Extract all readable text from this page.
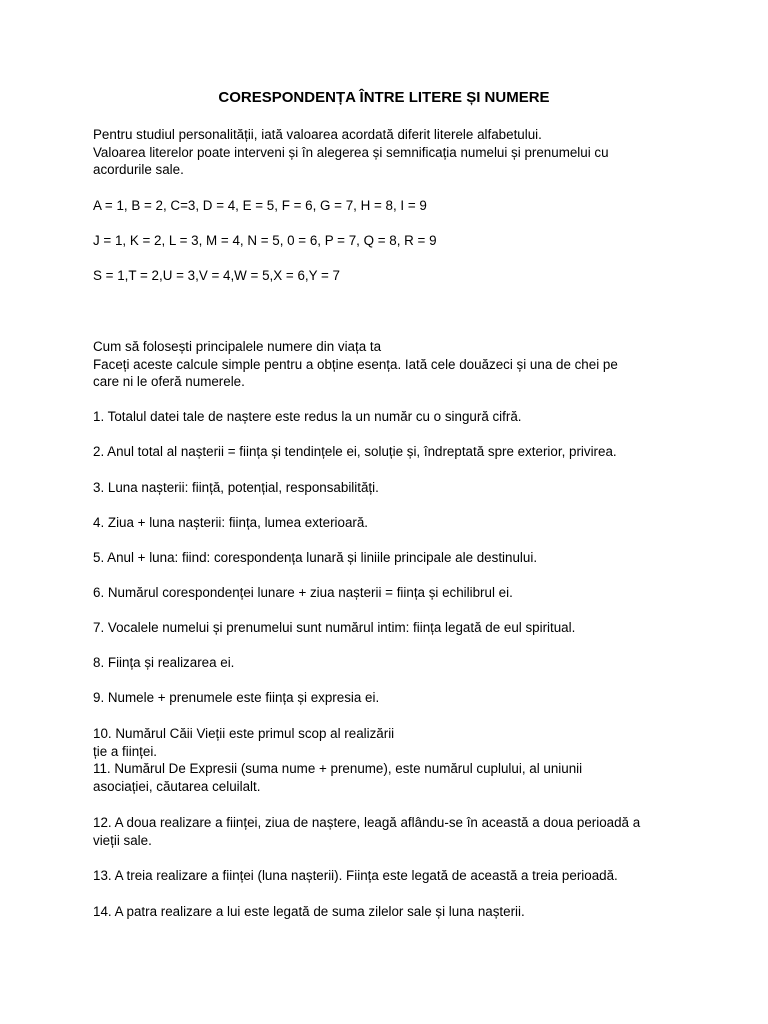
CORESPONDENȚA ÎNTRE LITERE ȘI NUMERE

Pentru studiul personalității, iată valoarea acordată diferit literele alfabetului.
Valoarea literelor poate interveni și în alegerea și semnificația numelui și prenumelui cu
acordurile sale.

A = 1, B = 2, C=3, D = 4, E = 5, F = 6, G = 7, H = 8, I = 9

J = 1, K = 2, L = 3, M = 4, N = 5, 0 = 6, P = 7, Q = 8, R = 9

S = 1,T = 2,U = 3,V = 4,W = 5,X = 6,Y = 7

Cum să folosești principalele numere din viața ta
Faceți aceste calcule simple pentru a obține esența. Iată cele douăzeci și una de chei pe
care ni le oferă numerele.

1. Totalul datei tale de naștere este redus la un număr cu o singură cifră.

2. Anul total al nașterii = ființa și tendințele ei, soluție și, îndreptată spre exterior, privirea.

3. Luna nașterii: ființă, potențial, responsabilități.

4. Ziua + luna nașterii: ființa, lumea exterioară.

5. Anul + luna: fiind: corespondența lunară și liniile principale ale destinului.

6. Numărul corespondenței lunare + ziua nașterii = ființa și echilibrul ei.

7. Vocalele numelui și prenumelui sunt numărul intim: ființa legată de eul spiritual.

8. Ființa și realizarea ei.

9. Numele + prenumele este ființa și expresia ei.

10. Numărul Căii Vieții este primul scop al realizării
ție a ființei.
11. Numărul De Expresii (suma nume + prenume), este numărul cuplului, al uniunii
asociației, căutarea celuilalt.

12. A doua realizare a ființei, ziua de naștere, leagă aflându-se în această a doua perioadă a
vieții sale.

13. A treia realizare a ființei (luna nașterii). Ființa este legată de această a treia perioadă.

14. A patra realizare a lui este legată de suma zilelor sale și luna nașterii.
